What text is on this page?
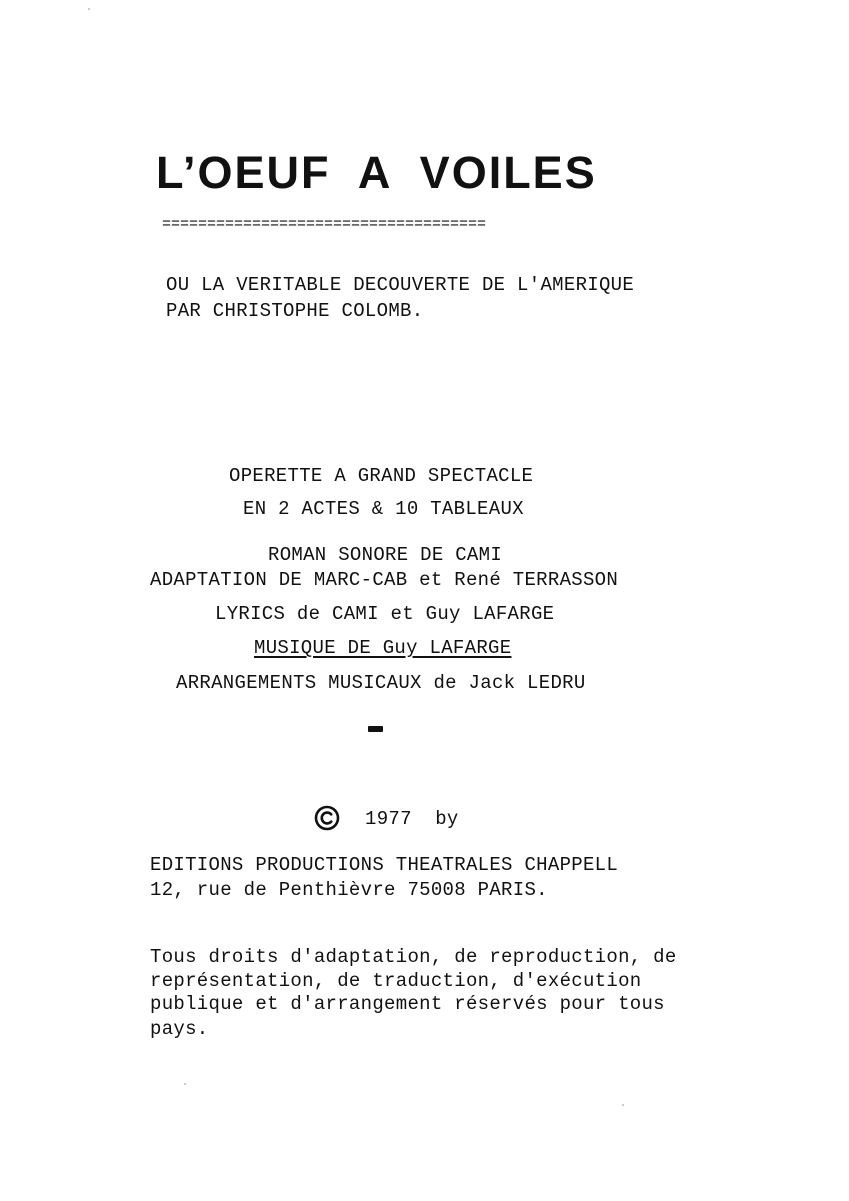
L’OEUF  A  VOILES
====================================
OU LA VERITABLE DECOUVERTE DE L'AMERIQUE
PAR CHRISTOPHE COLOMB.
OPERETTE A GRAND SPECTACLE
EN 2 ACTES & 10 TABLEAUX
ROMAN SONORE DE CAMI
ADAPTATION DE MARC-CAB et René TERRASSON
LYRICS de CAMI et Guy LAFARGE
MUSIQUE DE Guy LAFARGE
ARRANGEMENTS MUSICAUX de Jack LEDRU
1977  by
EDITIONS PRODUCTIONS THEATRALES CHAPPELL
12, rue de Penthièvre 75008 PARIS.
Tous droits d'adaptation, de reproduction, de
représentation, de traduction, d'exécution
publique et d'arrangement réservés pour tous
pays.
